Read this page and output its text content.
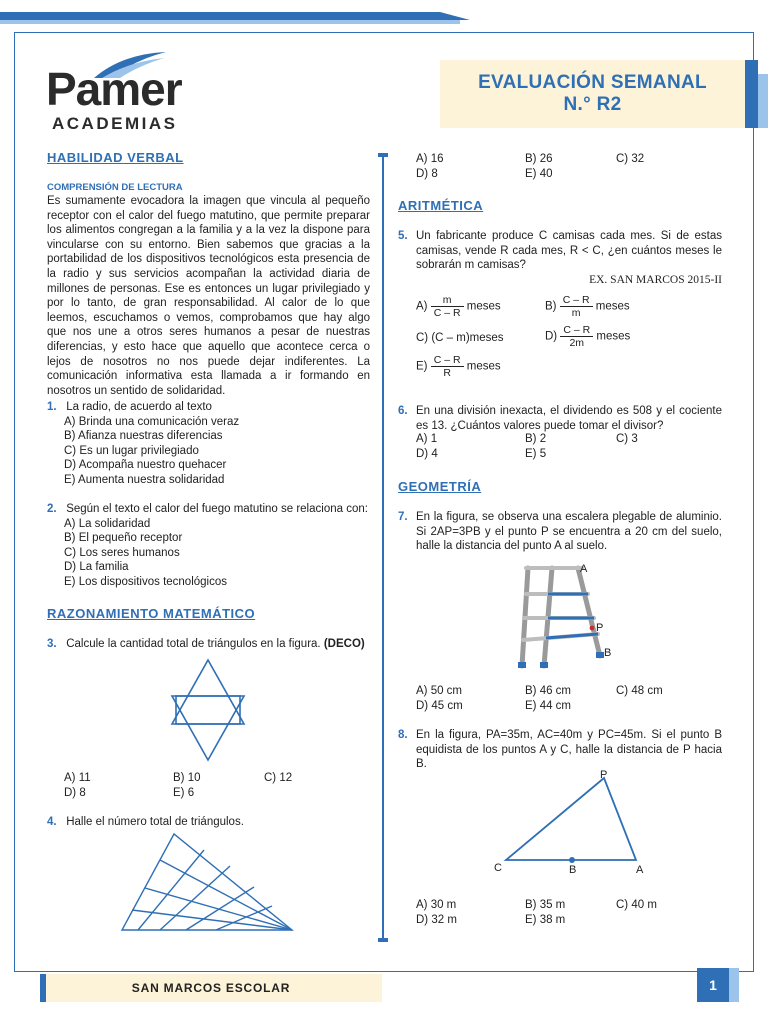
Pamer
ACADEMIAS
EVALUACIÓN SEMANAL
N.° R2
HABILIDAD VERBAL
COMPRENSIÓN DE LECTURA
Es sumamente evocadora la imagen que vincula al pequeño receptor con el calor del fuego matutino, que permite preparar los alimentos congregan a la familia y a la vez la dispone para vincularse con su entorno. Bien sabemos que gracias a la portabilidad de los dispositivos tecnológicos esta presencia de la radio y sus servicios acompañan la actividad diaria de millones de personas. Ese es entonces un lugar privilegiado y por lo tanto, de gran responsabilidad. Al calor de lo que leemos, escuchamos o vemos, comprobamos que hay algo que nos une a otros seres humanos a pesar de nuestras diferencias, y esto hace que aquello que acontece cerca o lejos de nosotros no nos puede dejar indiferentes. La comunicación informativa esta llamada a ir formando en nosotros un sentido de solidaridad.
1. La radio, de acuerdo al texto
A) Brinda una comunicación veraz
B) Afianza nuestras diferencias
C) Es un lugar privilegiado
D) Acompaña nuestro quehacer
E) Aumenta nuestra solidaridad
2. Según el texto el calor del fuego matutino se relaciona con:
A) La solidaridad
B) El pequeño receptor
C) Los seres humanos
D) La familia
E) Los dispositivos tecnológicos
RAZONAMIENTO MATEMÁTICO
3. Calcule la cantidad total de triángulos en la figura. (DECO)
A) 11	B) 10	C) 12
D) 8	E) 6
4. Halle el número total de triángulos.
A) 16	B) 26	C) 32
D) 8	E) 40
ARITMÉTICA
5. Un fabricante produce C camisas cada mes. Si de estas camisas, vende R cada mes, R < C, ¿en cuántos meses le sobrarán m camisas?
EX. SAN MARCOS 2015-II
$A) \frac{m}{C - R}$ meses	$B) \frac{C - R}{m}$ meses
C) (C – m)meses	$D) \frac{C - R}{2m}$ meses
$E) \frac{C - R}{R}$ meses
6. En una división inexacta, el dividendo es 508 y el cociente es 13. ¿Cuántos valores puede tomar el divisor?
A) 1	B) 2	C) 3
D) 4	E) 5
GEOMETRÍA
7. En la figura, se observa una escalera plegable de aluminio. Si 2AP=3PB y el punto P se encuentra a 20 cm del suelo, halle la distancia del punto A al suelo.
A
P
B
A) 50 cm	B) 46 cm	C) 48 cm
D) 45 cm	E) 44 cm
8. En la figura, PA=35m, AC=40m y PC=45m. Si el punto B equidista de los puntos A y C, halle la distancia de P hacia B.
P
C	B	A
A) 30 m	B) 35 m	C) 40 m
D) 32 m	E) 38 m
SAN MARCOS ESCOLAR	1
